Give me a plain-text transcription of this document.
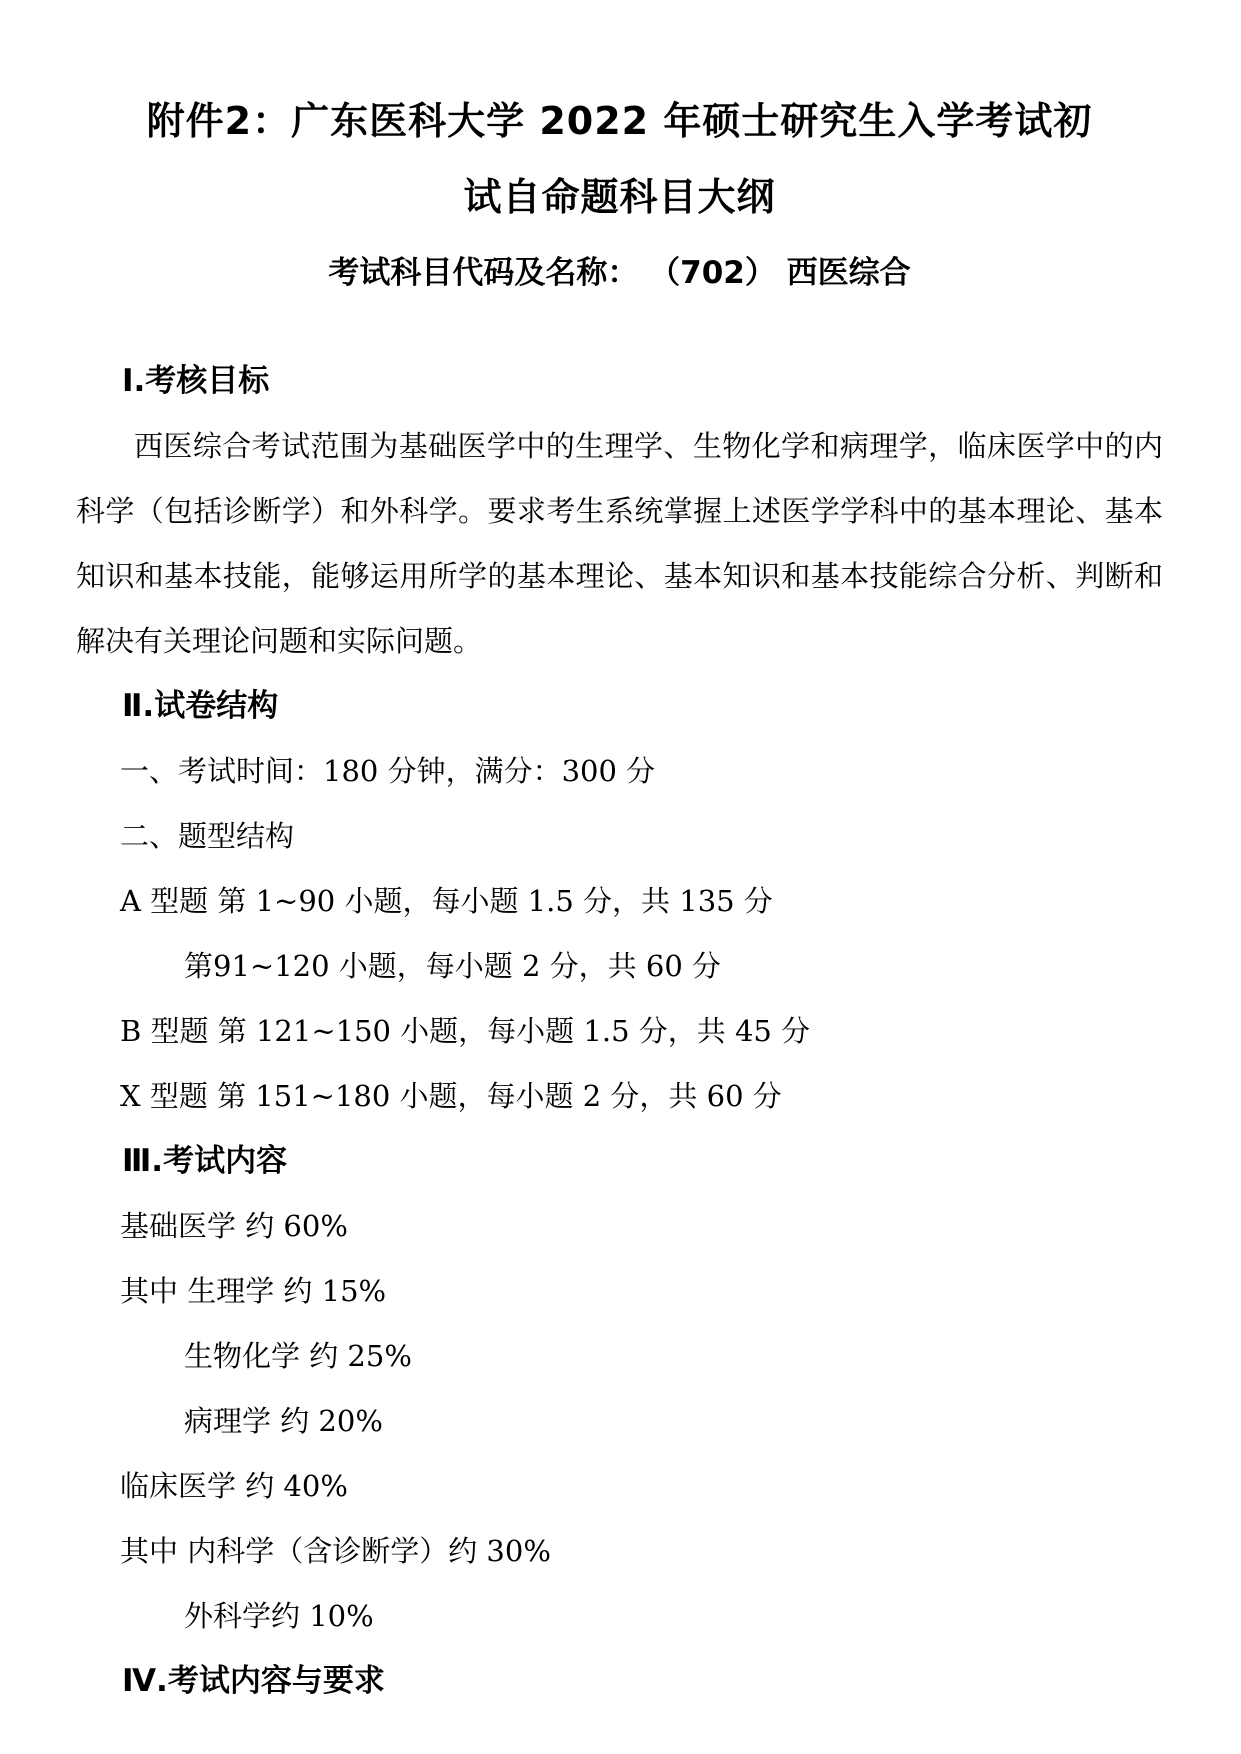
附件2：广东医科大学 2022 年硕士研究生入学考试初
试自命题科目大纲
考试科目代码及名称： （702） 西医综合
Ⅰ.考核目标
西医综合考试范围为基础医学中的生理学、生物化学和病理学，临床医学中的内
科学（包括诊断学）和外科学。要求考生系统掌握上述医学学科中的基本理论、基本
知识和基本技能，能够运用所学的基本理论、基本知识和基本技能综合分析、判断和
解决有关理论问题和实际问题。
Ⅱ.试卷结构
一、考试时间：180 分钟，满分：300 分
二、题型结构
A 型题 第 1~90 小题，每小题 1.5 分，共 135 分
第91~120 小题，每小题 2 分，共 60 分
B 型题 第 121~150 小题，每小题 1.5 分，共 45 分
X 型题 第 151~180 小题，每小题 2 分，共 60 分
Ⅲ.考试内容
基础医学 约 60%
其中 生理学 约 15%
生物化学 约 25%
病理学 约 20%
临床医学 约 40%
其中 内科学（含诊断学）约 30%
外科学约 10%
Ⅳ.考试内容与要求
